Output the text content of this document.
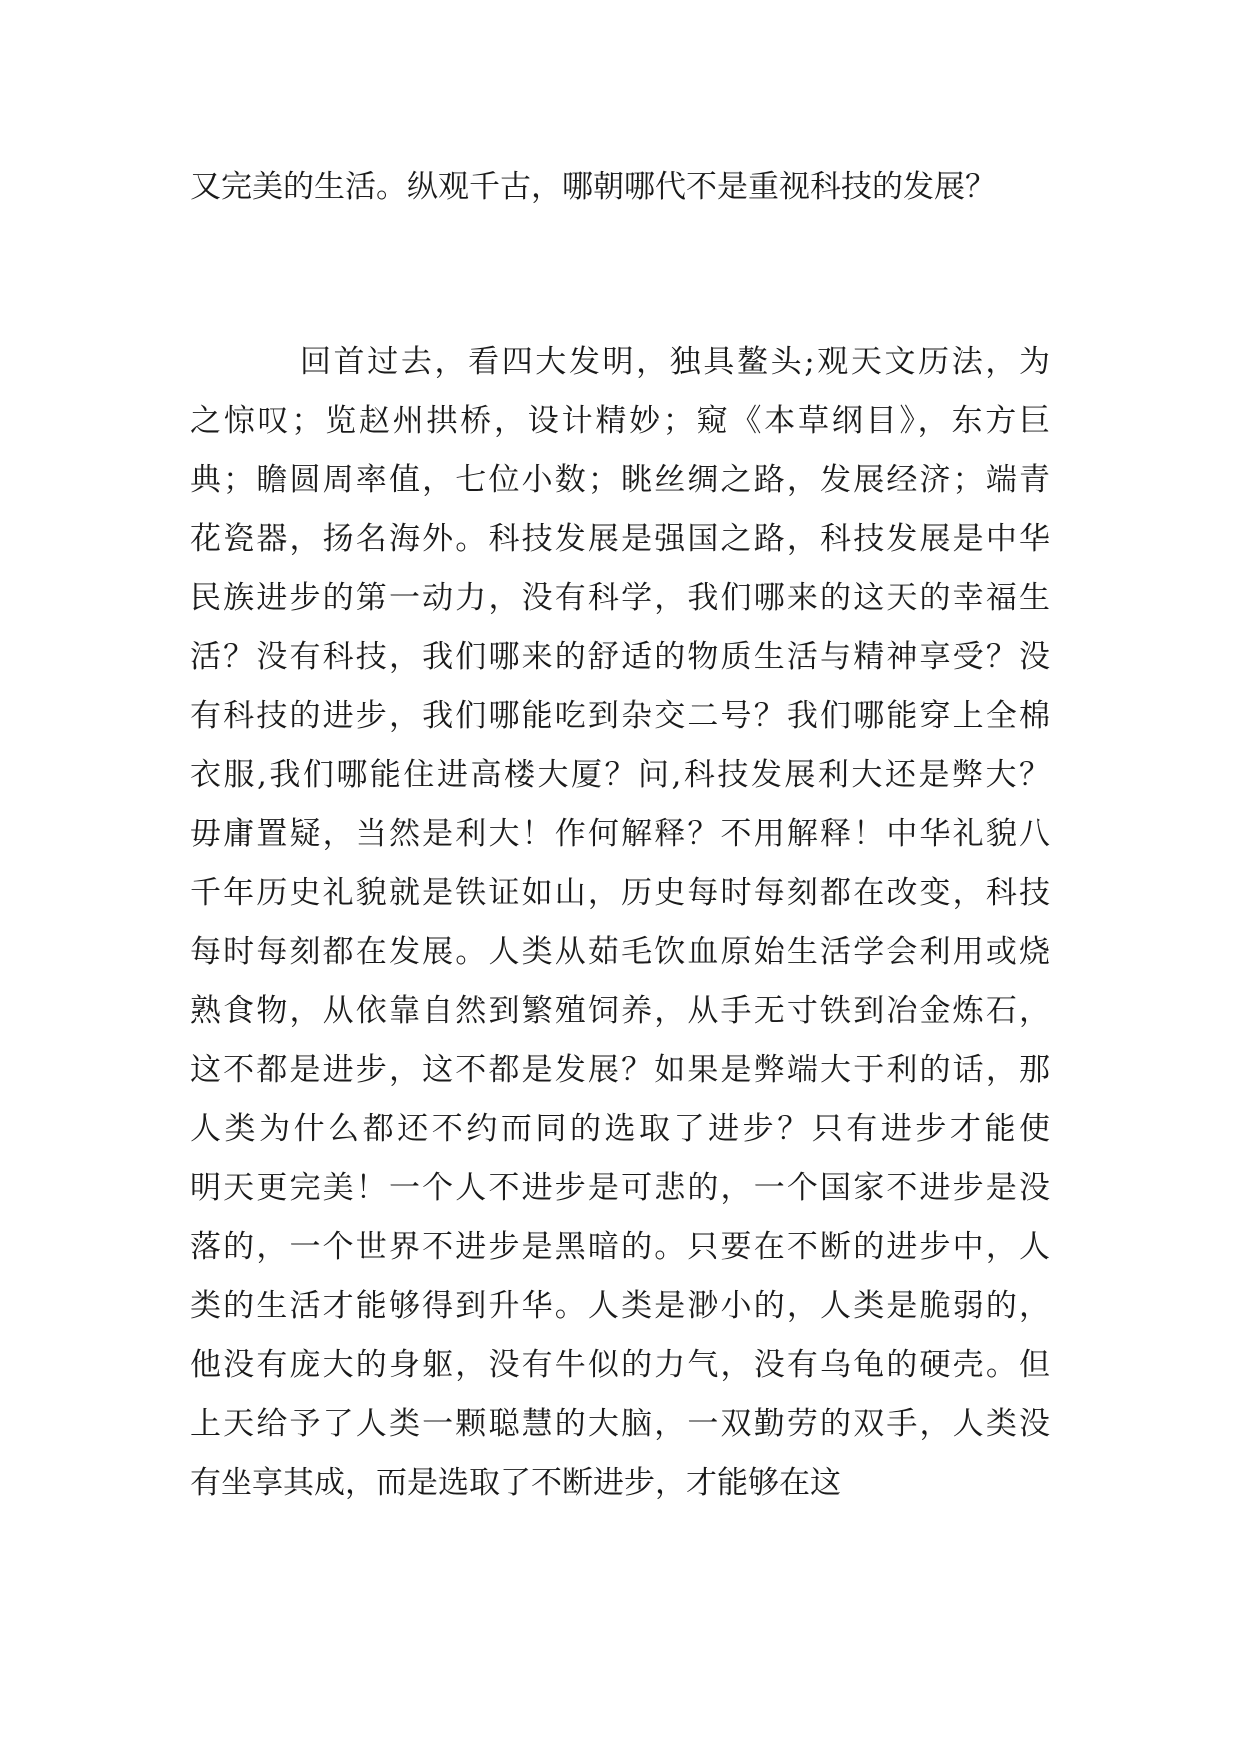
又完美的生活。纵观千古，哪朝哪代不是重视科技的发展？
回首过去，看四大发明，独具鳌头;观天文历法，为
之惊叹；览赵州拱桥，设计精妙；窥《本草纲目》，东方巨
典；瞻圆周率值，七位小数；眺丝绸之路，发展经济；端青
花瓷器，扬名海外。科技发展是强国之路，科技发展是中华
民族进步的第一动力，没有科学，我们哪来的这天的幸福生
活？没有科技，我们哪来的舒适的物质生活与精神享受？没
有科技的进步，我们哪能吃到杂交二号？我们哪能穿上全棉
衣服,我们哪能住进高楼大厦？问,科技发展利大还是弊大？
毋庸置疑，当然是利大！作何解释？不用解释！中华礼貌八
千年历史礼貌就是铁证如山，历史每时每刻都在改变，科技
每时每刻都在发展。人类从茹毛饮血原始生活学会利用或烧
熟食物，从依靠自然到繁殖饲养，从手无寸铁到冶金炼石，
这不都是进步，这不都是发展？如果是弊端大于利的话，那
人类为什么都还不约而同的选取了进步？只有进步才能使
明天更完美！一个人不进步是可悲的，一个国家不进步是没
落的，一个世界不进步是黑暗的。只要在不断的进步中，人
类的生活才能够得到升华。人类是渺小的，人类是脆弱的，
他没有庞大的身躯，没有牛似的力气，没有乌龟的硬壳。但
上天给予了人类一颗聪慧的大脑，一双勤劳的双手，人类没
有坐享其成，而是选取了不断进步，才能够在这
